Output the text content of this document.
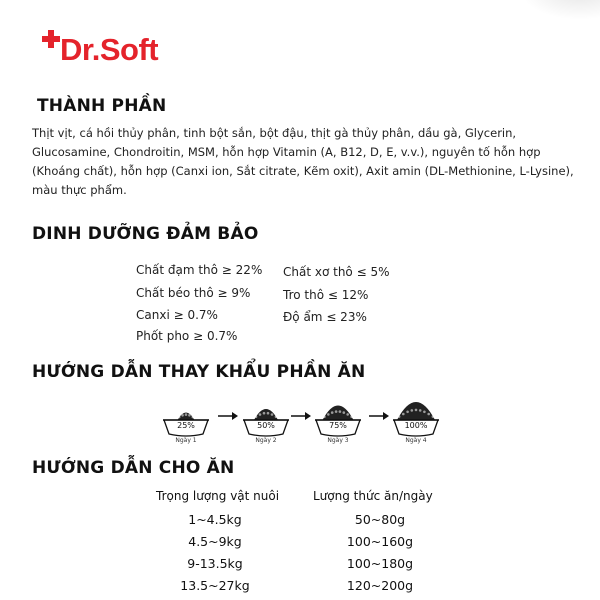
Dr.Soft
THÀNH PHẦN
Thịt vịt, cá hồi thủy phân, tinh bột sắn, bột đậu, thịt gà thủy phân, dầu gà, Glycerin, Glucosamine, Chondroitin, MSM, hỗn hợp Vitamin (A, B12, D, E, v.v.), nguyên tố hỗn hợp (Khoáng chất), hỗn hợp (Canxi ion, Sắt citrate, Kẽm oxit), Axit amin (DL-Methionine, L-Lysine), màu thực phẩm.
DINH DƯỠNG ĐẢM BẢO
Chất đạm thô ≥ 22%
Chất béo thô ≥ 9%
Canxi ≥ 0.7%
Phốt pho ≥ 0.7%
Chất xơ thô ≤ 5%
Tro thô ≤ 12%
Độ ẩm ≤ 23%
HƯỚNG DẪN THAY KHẨU PHẦN ĂN
25%
Ngày 1
50%
Ngày 2
75%
Ngày 3
100%
Ngày 4
HƯỚNG DẪN CHO ĂN
Trọng lượng vật nuôi	Lượng thức ăn/ngày
1~4.5kg	50~80g
4.5~9kg	100~160g
9-13.5kg	100~180g
13.5~27kg	120~200g
